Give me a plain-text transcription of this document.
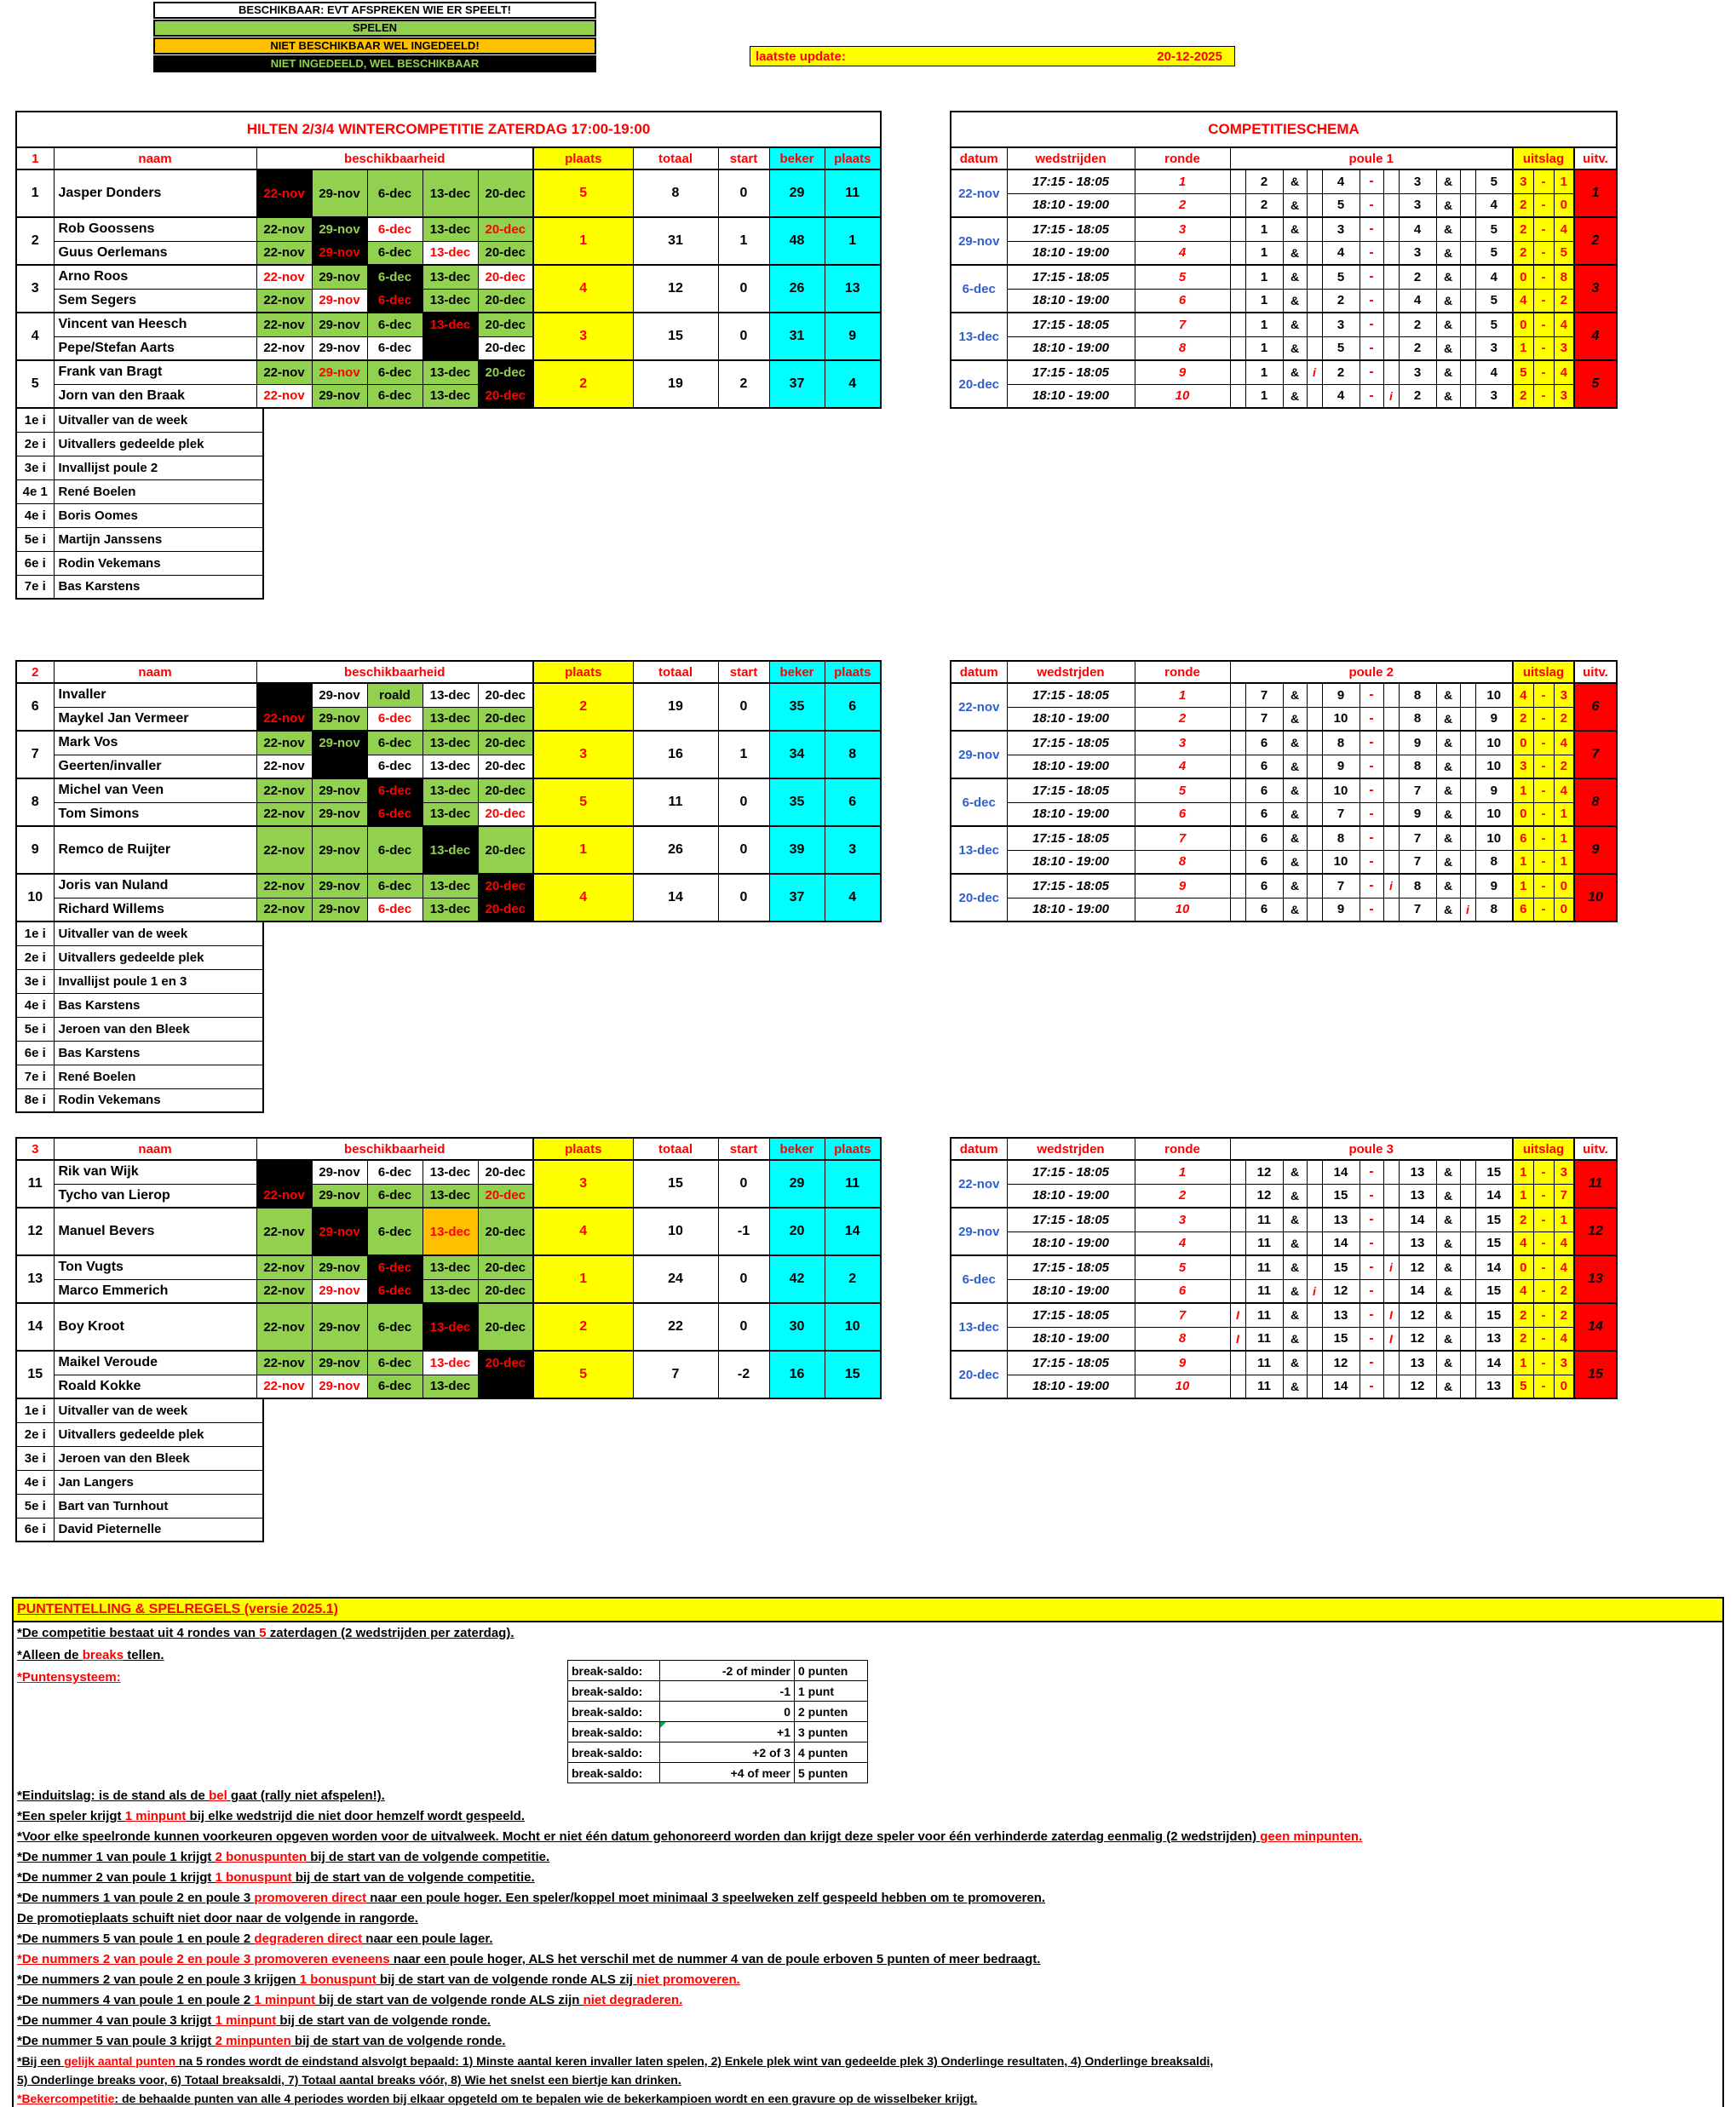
BESCHIKBAAR: EVT AFSPREKEN WIE ER SPEELT!
SPELEN
NIET BESCHIKBAAR WEL INGEDEELD!
NIET INGEDEELD, WEL BESCHIKBAAR	laatste update:	20-12-2025
HILTEN 2/3/4 WINTERCOMPETITIE ZATERDAG 17:00-19:00											
1	naam	beschikbaarheid					plaats	totaal	start	beker	plaats
1	Jasper Donders	22-nov	29-nov	6-dec	13-dec	20-dec	5	8	0	29	11
2	Rob Goossens	22-nov	29-nov	6-dec	13-dec	20-dec	1	31	1	48	1
	Guus Oerlemans	22-nov	29-nov	6-dec	13-dec	20-dec					
3	Arno Roos	22-nov	29-nov	6-dec	13-dec	20-dec	4	12	0	26	13
	Sem Segers	22-nov	29-nov	6-dec	13-dec	20-dec					
4	Vincent van Heesch	22-nov	29-nov	6-dec	13-dec	20-dec	3	15	0	31	9
	Pepe/Stefan Aarts	22-nov	29-nov	6-dec		20-dec					
5	Frank van Bragt	22-nov	29-nov	6-dec	13-dec	20-dec	2	19	2	37	4
	Jorn van den Braak	22-nov	29-nov	6-dec	13-dec	20-dec					
1e i	Uitvaller van de week
2e i	Uitvallers gedeelde plek
3e i	Invallijst poule 2
4e 1	René Boelen
4e i	Boris Oomes
5e i	Martijn Janssens
6e i	Rodin Vekemans
7e i	Bas Karstens
COMPETITIESCHEMA																	
datum	wedstrijden	ronde	poule 1											uitslag			uitv.
22-nov	17:15 - 18:05	1		2	&		4	-		3	&		5	3	-	1	1
	18:10 - 19:00	2		2	&		5	-		3	&		4	2	-	0	
29-nov	17:15 - 18:05	3		1	&		3	-		4	&		5	2	-	4	2
	18:10 - 19:00	4		1	&		4	-		3	&		5	2	-	5	
6-dec	17:15 - 18:05	5		1	&		5	-		2	&		4	0	-	8	3
	18:10 - 19:00	6		1	&		2	-		4	&		5	4	-	2	
13-dec	17:15 - 18:05	7		1	&		3	-		2	&		5	0	-	4	4
	18:10 - 19:00	8		1	&		5	-		2	&		3	1	-	3	
20-dec	17:15 - 18:05	9		1	&	i	2	-		3	&		4	5	-	4	5
	18:10 - 19:00	10		1	&		4	-	i	2	&		3	2	-	3	
2	naam	beschikbaarheid					plaats	totaal	start	beker	plaats
6	Invaller		29-nov	roald	13-dec	20-dec	2	19	0	35	6
	Maykel Jan Vermeer	22-nov	29-nov	6-dec	13-dec	20-dec					
7	Mark Vos	22-nov	29-nov	6-dec	13-dec	20-dec	3	16	1	34	8
	Geerten/invaller	22-nov		6-dec	13-dec	20-dec					
8	Michel van Veen	22-nov	29-nov	6-dec	13-dec	20-dec	5	11	0	35	6
	Tom Simons	22-nov	29-nov	6-dec	13-dec	20-dec					
9	Remco de Ruijter	22-nov	29-nov	6-dec	13-dec	20-dec	1	26	0	39	3
10	Joris van Nuland	22-nov	29-nov	6-dec	13-dec	20-dec	4	14	0	37	4
	Richard Willems	22-nov	29-nov	6-dec	13-dec	20-dec					
1e i	Uitvaller van de week
2e i	Uitvallers gedeelde plek
3e i	Invallijst poule 1 en 3
4e i	Bas Karstens
5e i	Jeroen van den Bleek
6e i	Bas Karstens
7e i	René Boelen
8e i	Rodin Vekemans
datum	wedstrjden	ronde	poule 2											uitslag			uitv.
22-nov	17:15 - 18:05	1		7	&		9	-		8	&		10	4	-	3	6
	18:10 - 19:00	2		7	&		10	-		8	&		9	2	-	2	
29-nov	17:15 - 18:05	3		6	&		8	-		9	&		10	0	-	4	7
	18:10 - 19:00	4		6	&		9	-		8	&		10	3	-	2	
6-dec	17:15 - 18:05	5		6	&		10	-		7	&		9	1	-	4	8
	18:10 - 19:00	6		6	&		7	-		9	&		10	0	-	1	
13-dec	17:15 - 18:05	7		6	&		8	-		7	&		10	6	-	1	9
	18:10 - 19:00	8		6	&		10	-		7	&		8	1	-	1	
20-dec	17:15 - 18:05	9		6	&		7	-	i	8	&		9	1	-	0	10
	18:10 - 19:00	10		6	&		9	-		7	&	i	8	6	-	0	
3	naam	beschikbaarheid					plaats	totaal	start	beker	plaats
11	Rik van Wijk		29-nov	6-dec	13-dec	20-dec	3	15	0	29	11
	Tycho van Lierop	22-nov	29-nov	6-dec	13-dec	20-dec					
12	Manuel Bevers	22-nov	29-nov	6-dec	13-dec	20-dec	4	10	-1	20	14
13	Ton Vugts	22-nov	29-nov	6-dec	13-dec	20-dec	1	24	0	42	2
	Marco Emmerich	22-nov	29-nov	6-dec	13-dec	20-dec					
14	Boy Kroot	22-nov	29-nov	6-dec	13-dec	20-dec	2	22	0	30	10
15	Maikel Veroude	22-nov	29-nov	6-dec	13-dec	20-dec	5	7	-2	16	15
	Roald Kokke	22-nov	29-nov	6-dec	13-dec						
1e i	Uitvaller van de week
2e i	Uitvallers gedeelde plek
3e i	Jeroen van den Bleek
4e i	Jan Langers
5e i	Bart van Turnhout
6e i	David Pieternelle
datum	wedstrjden	ronde	poule 3											uitslag			uitv.
22-nov	17:15 - 18:05	1		12	&		14	-		13	&		15	1	-	3	11
	18:10 - 19:00	2		12	&		15	-		13	&		14	1	-	7	
29-nov	17:15 - 18:05	3		11	&		13	-		14	&		15	2	-	1	12
	18:10 - 19:00	4		11	&		14	-		13	&		15	4	-	4	
6-dec	17:15 - 18:05	5		11	&		15	-	i	12	&		14	0	-	4	13
	18:10 - 19:00	6		11	&	i	12	-		14	&		15	4	-	2	
13-dec	17:15 - 18:05	7	I	11	&		13	-	I	12	&		15	2	-	2	14
	18:10 - 19:00	8	I	11	&		15	-	I	12	&		13	2	-	4	
20-dec	17:15 - 18:05	9		11	&		12	-		13	&		14	1	-	3	15
	18:10 - 19:00	10		11	&		14	-		12	&		13	5	-	0	
PUNTENTELLING & SPELREGELS (versie 2025.1)
*De competitie bestaat uit 4 rondes van 5 zaterdagen (2 wedstrijden per zaterdag).
*Alleen de breaks tellen.
*Puntensysteem:
*Einduitslag: is de stand als de bel gaat (rally niet afspelen!).
*Een speler krijgt 1 minpunt bij elke wedstrijd die niet door hemzelf wordt gespeeld.
*Voor elke speelronde kunnen voorkeuren opgeven worden voor de uitvalweek. Mocht er niet één datum gehonoreerd worden dan krijgt deze speler voor één verhinderde zaterdag eenmalig (2 wedstrijden) geen minpunten.
*De nummer 1 van poule 1 krijgt 2 bonuspunten bij de start van de volgende competitie.
*De nummer 2 van poule 1 krijgt 1 bonuspunt bij de start van de volgende competitie.
*De nummers 1 van poule 2 en poule 3 promoveren direct naar een poule hoger. Een speler/koppel moet minimaal 3 speelweken zelf gespeeld hebben om te promoveren.
De promotieplaats schuift niet door naar de volgende in rangorde.
*De nummers 5 van poule 1 en poule 2 degraderen direct naar een poule lager.
*De nummers 2 van poule 2 en poule 3 promoveren eveneens naar een poule hoger, ALS het verschil met de nummer 4 van de poule erboven 5 punten of meer bedraagt.
*De nummers 2 van poule 2 en poule 3 krijgen 1 bonuspunt bij de start van de volgende ronde ALS zij niet promoveren.
*De nummers 4 van poule 1 en poule 2 1 minpunt bij de start van de volgende ronde ALS zijn niet degraderen.
*De nummer 4 van poule 3 krijgt 1 minpunt bij de start van de volgende ronde.
*De nummer 5 van poule 3 krijgt 2 minpunten bij de start van de volgende ronde.
*Bij een gelijk aantal punten na 5 rondes wordt de eindstand alsvolgt bepaald: 1) Minste aantal keren invaller laten spelen, 2) Enkele plek wint van gedeelde plek 3) Onderlinge resultaten, 4) Onderlinge breaksaldi,
5) Onderlinge breaks voor, 6) Totaal breaksaldi, 7) Totaal aantal breaks vóór, 8) Wie het snelst een biertje kan drinken.
*Bekercompetitie: de behaalde punten van alle 4 periodes worden bij elkaar opgeteld om te bepalen wie de bekerkampioen wordt en een gravure op de wisselbeker krijgt.
break-saldo:	-2 of minder	0 punten
break-saldo:	-1	1 punt
break-saldo:	0	2 punten
break-saldo:	+1	3 punten
break-saldo:	+2 of 3	4 punten
break-saldo:	+4 of meer	5 punten
